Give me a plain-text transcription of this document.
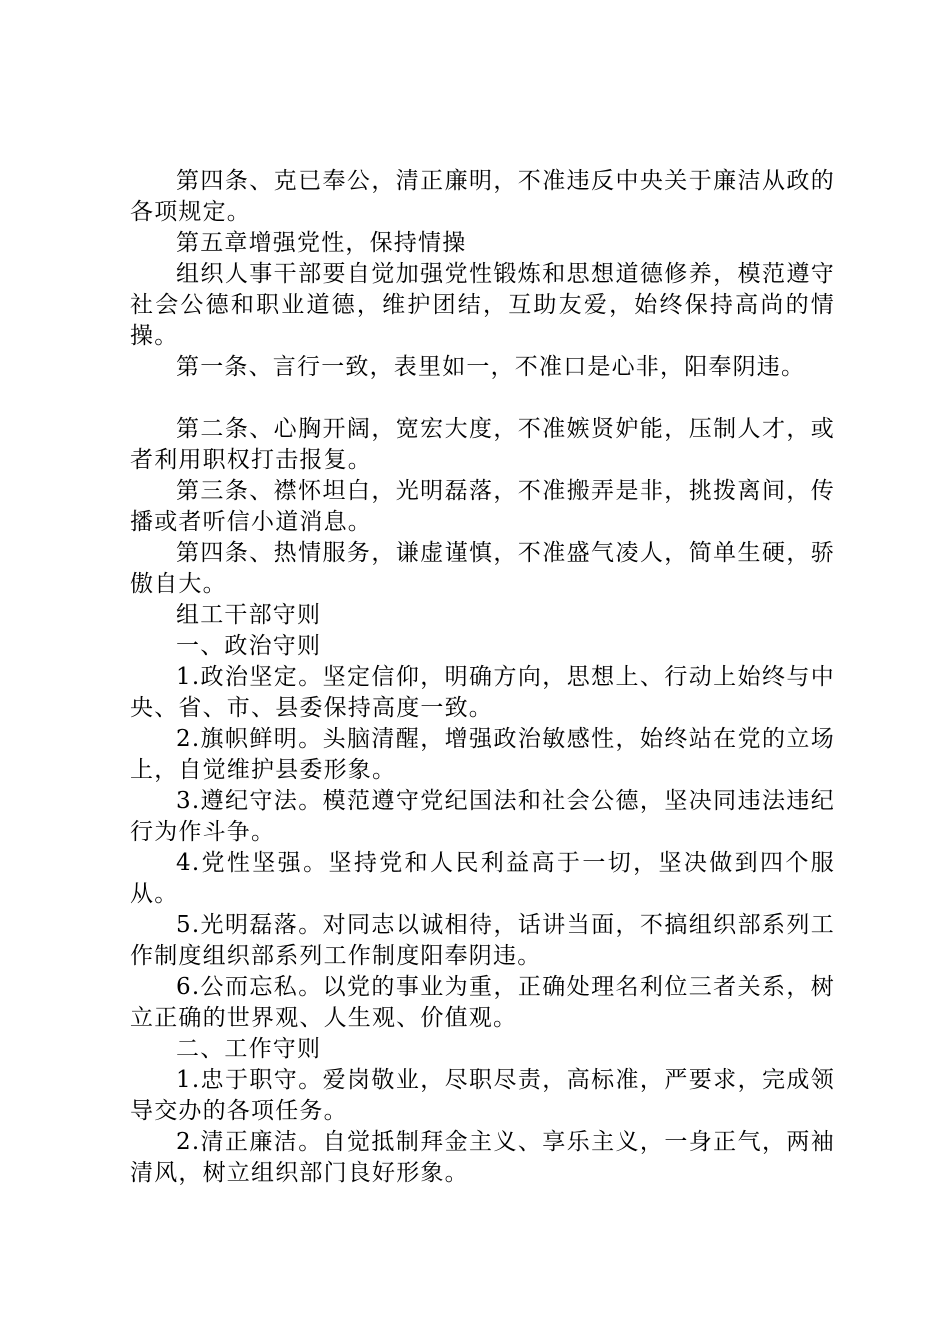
第四条、克已奉公，清正廉明，不准违反中央关于廉洁从政的各项规定。

第五章增强党性，保持情操

组织人事干部要自觉加强党性锻炼和思想道德修养，模范遵守社会公德和职业道德，维护团结，互助友爱，始终保持高尚的情操。

第一条、言行一致，表里如一，不准口是心非，阳奉阴违。

第二条、心胸开阔，宽宏大度，不准嫉贤妒能，压制人才，或者利用职权打击报复。

第三条、襟怀坦白，光明磊落，不准搬弄是非，挑拨离间，传播或者听信小道消息。

第四条、热情服务，谦虚谨慎，不准盛气凌人，简单生硬，骄傲自大。

组工干部守则

一、政治守则

1.政治坚定。坚定信仰，明确方向，思想上、行动上始终与中央、省、市、县委保持高度一致。

2.旗帜鲜明。头脑清醒，增强政治敏感性，始终站在党的立场上，自觉维护县委形象。

3.遵纪守法。模范遵守党纪国法和社会公德，坚决同违法违纪行为作斗争。

4.党性坚强。坚持党和人民利益高于一切，坚决做到四个服从。

5.光明磊落。对同志以诚相待，话讲当面，不搞组织部系列工作制度组织部系列工作制度阳奉阴违。

6.公而忘私。以党的事业为重，正确处理名利位三者关系，树立正确的世界观、人生观、价值观。

二、工作守则

1.忠于职守。爱岗敬业，尽职尽责，高标准，严要求，完成领导交办的各项任务。

2.清正廉洁。自觉抵制拜金主义、享乐主义，一身正气，两袖清风，树立组织部门良好形象。
